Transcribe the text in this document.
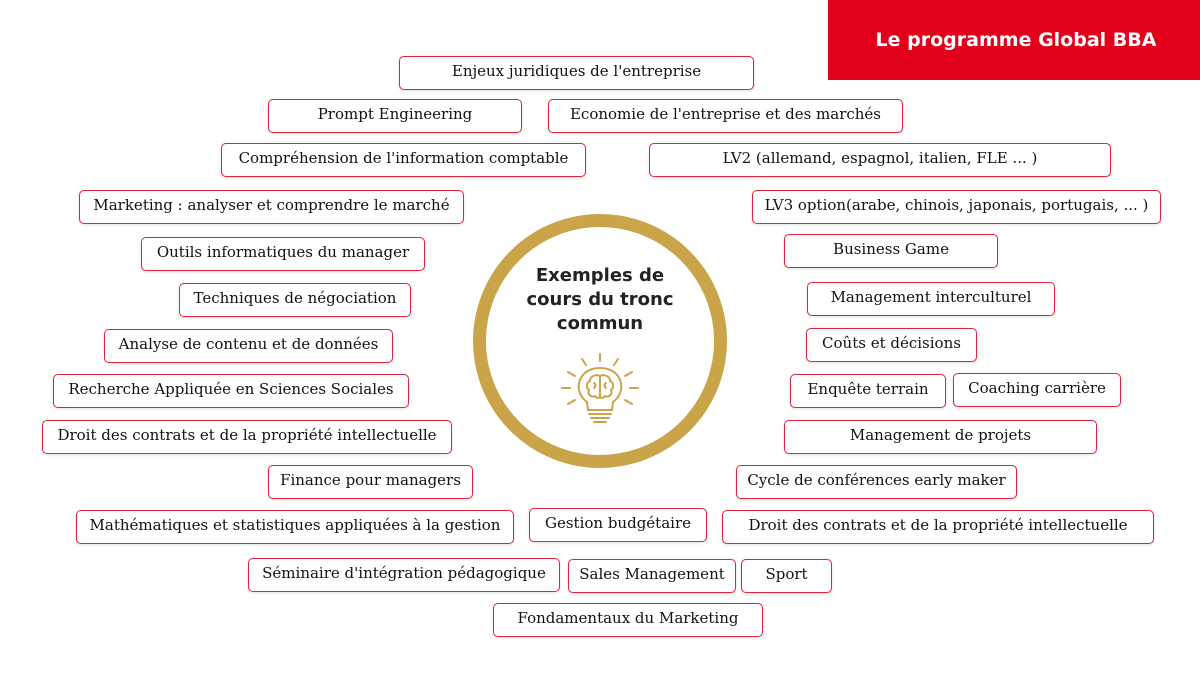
Le programme Global BBA
Enjeux juridiques de l'entreprise
Prompt Engineering	Economie de l'entreprise et des marchés
Compréhension de l'information comptable	LV2 (allemand, espagnol, italien, FLE ... )
Marketing : analyser et comprendre le marché	LV3 option(arabe, chinois, japonais, portugais, ... )
Outils informatiques du manager	Business Game
Techniques de négociation	Management interculturel
Analyse de contenu et de données	Coûts et décisions
Recherche Appliquée en Sciences Sociales	Enquête terrain	Coaching carrière
Droit des contrats et de la propriété intellectuelle	Management de projets
Finance pour managers	Cycle de conférences early maker
Mathématiques et statistiques appliquées à la gestion	Gestion budgétaire	Droit des contrats et de la propriété intellectuelle
Séminaire d'intégration pédagogique	Sales Management	Sport
Fondamentaux du Marketing
Exemples de
cours du tronc
commun
